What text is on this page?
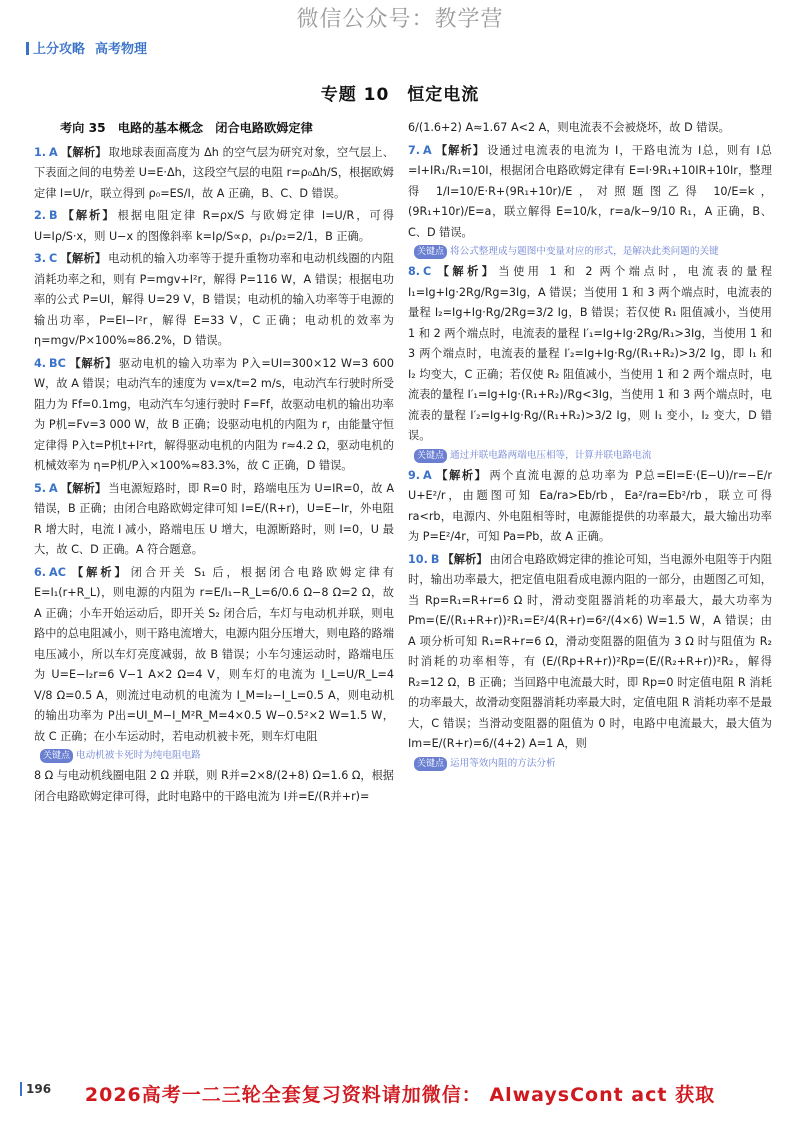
微信公众号：教学营
上分攻略 高考物理
专题 10　恒定电流
考向 35　电路的基本概念　闭合电路欧姆定律
1. A 【解析】 取地球表面高度为 Δh 的空气层为研究对象，空气层上、下表面之间的电势差 U=E·Δh，这段空气层的电阻 r=ρ₀Δh/S，根据欧姆定律 I=U/r，联立得到 ρ₀=ES/I，故 A 正确，B、C、D 错误。
2. B 【解析】 根据电阻定律 R=ρx/S 与欧姆定律 I=U/R，可得 U=Iρ/S·x，则 U−x 的图像斜率 k=Iρ/S∝ρ，ρ₁/ρ₂=2/1，B 正确。
3. C 【解析】 电动机的输入功率等于提升重物功率和电动机线圈的内阻消耗功率之和，则有 P=mgv+I²r，解得 P=116 W，A 错误；根据电功率的公式 P=UI，解得 U=29 V，B 错误；电动机的输入功率等于电源的输出功率，P=EI−I²r，解得 E=33 V，C 正确；电动机的效率为 η=mgv/P×100%≈86.2%，D 错误。
4. BC 【解析】 驱动电机的输入功率为 P入=UI=300×12 W=3 600 W，故 A 错误；电动汽车的速度为 v=x/t=2 m/s，电动汽车行驶时所受阻力为 Ff=0.1mg，电动汽车匀速行驶时 F=Ff，故驱动电机的输出功率为 P机=Fv=3 000 W，故 B 正确；设驱动电机的内阻为 r，由能量守恒定律得 P入t=P机t+I²rt，解得驱动电机的内阻为 r≈4.2 Ω，驱动电机的机械效率为 η=P机/P入×100%≈83.3%，故 C 正确，D 错误。
5. A 【解析】 当电源短路时，即 R=0 时，路端电压为 U=IR=0，故 A 错误，B 正确；由闭合电路欧姆定律可知 I=E/(R+r)，U=E−Ir，外电阻 R 增大时，电流 I 减小，路端电压 U 增大，电源断路时，则 I=0，U 最大，故 C、D 正确。A 符合题意。
6. AC 【解析】 闭合开关 S₁ 后，根据闭合电路欧姆定律有 E=I₁(r+R_L)，则电源的内阻为 r=E/I₁−R_L=6/0.6 Ω−8 Ω=2 Ω，故 A 正确；小车开始运动后，即开关 S₂ 闭合后，车灯与电动机并联，则电路中的总电阻减小，则干路电流增大，电源内阻分压增大，则电路的路端电压减小，所以车灯亮度减弱，故 B 错误；小车匀速运动时，路端电压为 U=E−I₂r=6 V−1 A×2 Ω=4 V，则车灯的电流为 I_L=U/R_L=4 V/8 Ω=0.5 A，则流过电动机的电流为 I_M=I₂−I_L=0.5 A，则电动机的输出功率为 P出=UI_M−I_M²R_M=4×0.5 W−0.5²×2 W=1.5 W，故 C 正确；在小车运动时，若电动机被卡死，则车灯电阻
关键点 电动机被卡死时为纯电阻电路
8 Ω 与电动机线圈电阻 2 Ω 并联，则 R并=2×8/(2+8) Ω=1.6 Ω，根据闭合电路欧姆定律可得，此时电路中的干路电流为 I并=E/(R并+r)=
6/(1.6+2) A≈1.67 A<2 A，则电流表不会被烧坏，故 D 错误。
7. A 【解析】 设通过电流表的电流为 I，干路电流为 I总，则有 I总=I+IR₁/R₁=10I，根据闭合电路欧姆定律有 E=I·9R₁+10IR+10Ir，整理得 1/I=10/E·R+(9R₁+10r)/E，对照题图乙得 10/E=k，(9R₁+10r)/E=a，联立解得 E=10/k，r=a/k−9/10 R₁，A 正确，B、C、D 错误。
关键点 将公式整理成与题图中变量对应的形式，是解决此类问题的关键
8. C 【解析】 当使用 1 和 2 两个端点时，电流表的量程 I₁=Ig+Ig·2Rg/Rg=3Ig，A 错误；当使用 1 和 3 两个端点时，电流表的量程 I₂=Ig+Ig·Rg/2Rg=3/2 Ig，B 错误；若仅使 R₁ 阻值减小，当使用 1 和 2 两个端点时，电流表的量程 I′₁=Ig+Ig·2Rg/R₁>3Ig，当使用 1 和 3 两个端点时，电流表的量程 I′₂=Ig+Ig·Rg/(R₁+R₂)>3/2 Ig，即 I₁ 和 I₂ 均变大，C 正确；若仅使 R₂ 阻值减小，当使用 1 和 2 两个端点时，电流表的量程 I′₁=Ig+Ig·(R₁+R₂)/Rg<3Ig，当使用 1 和 3 两个端点时，电流表的量程 I′₂=Ig+Ig·Rg/(R₁+R₂)>3/2 Ig，则 I₁ 变小，I₂ 变大，D 错误。
关键点 通过并联电路两端电压相等，计算并联电路电流
9. A 【解析】 两个直流电源的总功率为 P总=EI=E·(E−U)/r=−E/r U+E²/r，由题图可知 Ea/ra>Eb/rb，Ea²/ra=Eb²/rb，联立可得 ra<rb，电源内、外电阻相等时，电源能提供的功率最大，最大输出功率为 P=E²/4r，可知 Pa=Pb，故 A 正确。
10. B 【解析】 由闭合电路欧姆定律的推论可知，当电源外电阻等于内阻时，输出功率最大，把定值电阻看成电源内阻的一部分，由题图乙可知，当 Rp=R₁=R+r=6 Ω 时，滑动变阻器消耗的功率最大，最大功率为 Pm=(E/(R₁+R+r))²R₁=E²/4(R+r)=6²/(4×6) W=1.5 W，A 错误；由 A 项分析可知 R₁=R+r=6 Ω，滑动变阻器的阻值为 3 Ω 时与阻值为 R₂ 时消耗的功率相等，有 (E/(Rp+R+r))²Rp=(E/(R₂+R+r))²R₂，解得 R₂=12 Ω，B 正确；当回路中电流最大时，即 Rp=0 时定值电阻 R 消耗的功率最大，故滑动变阻器消耗功率最大时，定值电阻 R 消耗功率不是最大，C 错误；当滑动变阻器的阻值为 0 时，电路中电流最大，最大值为 Im=E/(R+r)=6/(4+2) A=1 A，则
关键点 运用等效内阻的方法分析
196	2026高考一二三轮全套复习资料请加微信： AlwaysCont act 获取
